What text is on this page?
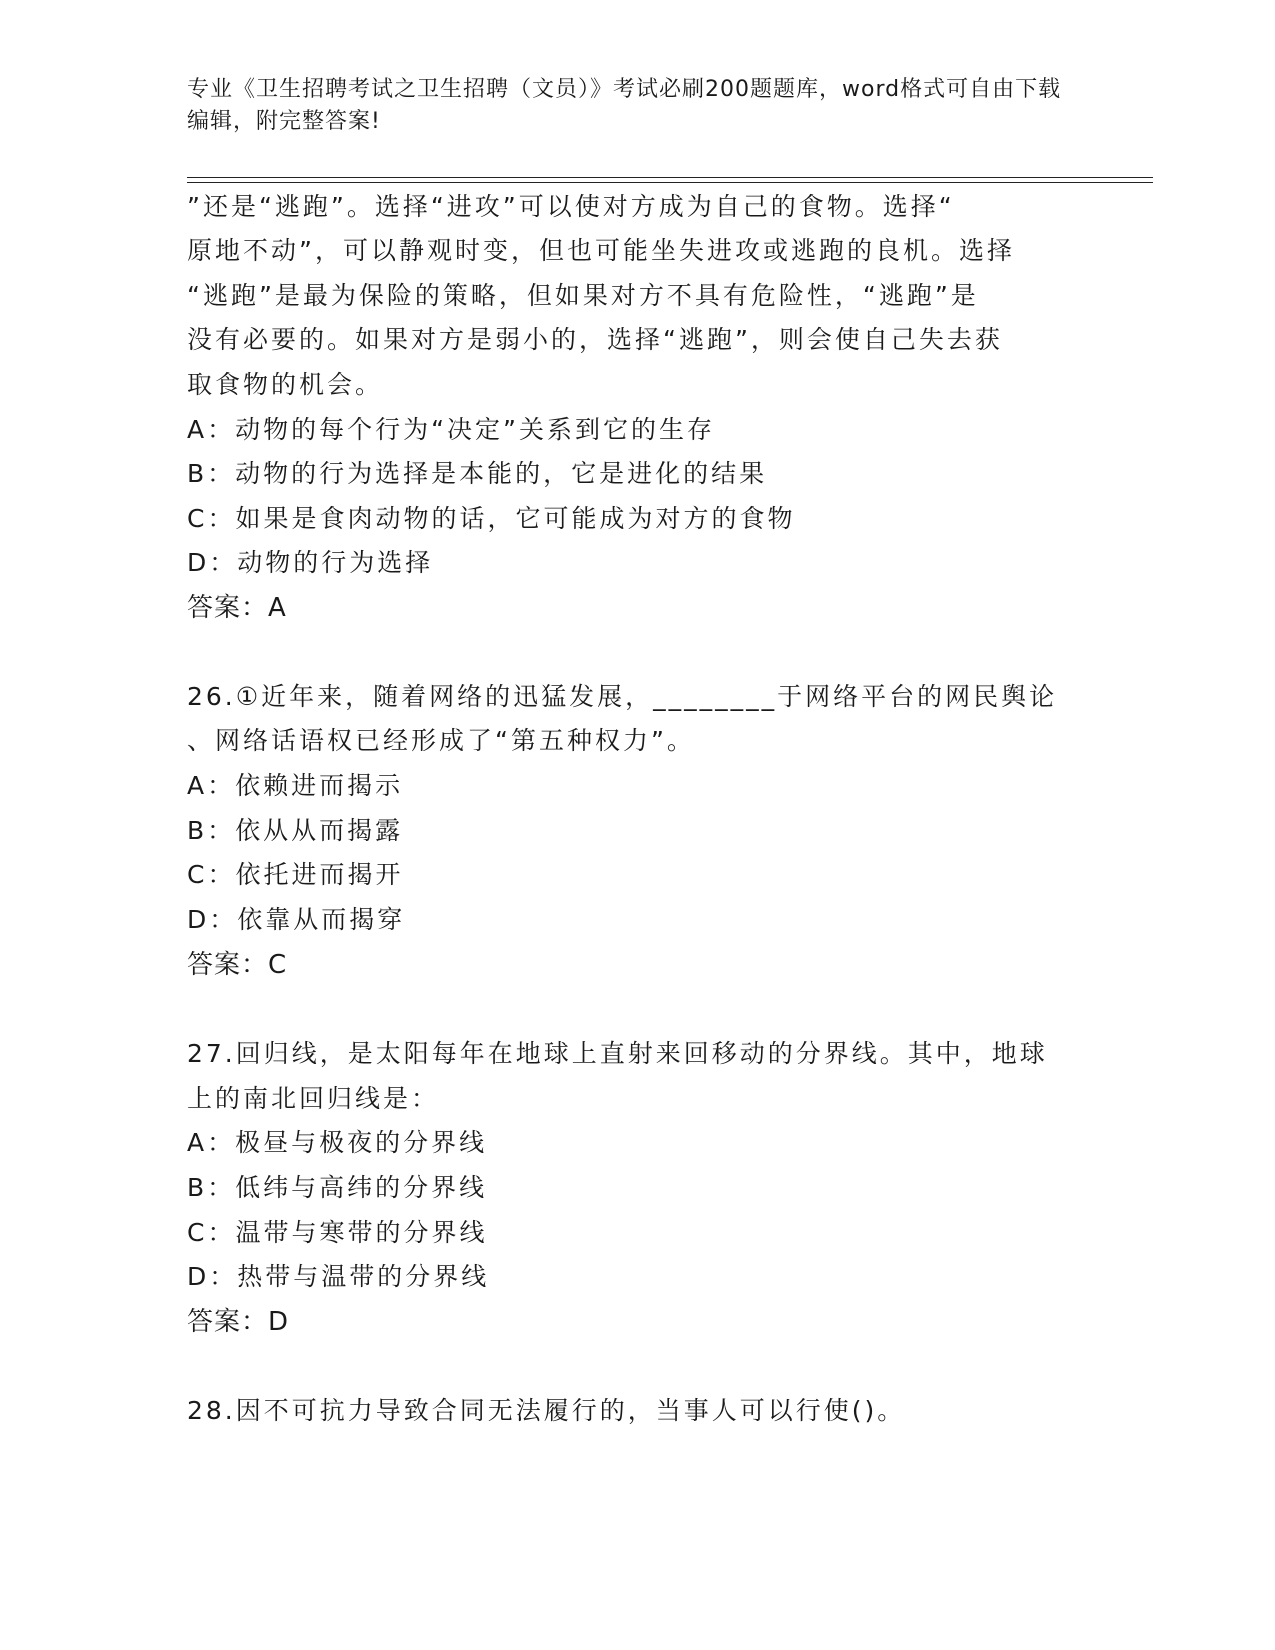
专业《卫生招聘考试之卫生招聘（文员）》考试必刷200题题库，word格式可自由下载编辑，附完整答案!
”还是“逃跑”。选择“进攻”可以使对方成为自己的食物。选择“
原地不动”，可以静观时变，但也可能坐失进攻或逃跑的良机。选择
“逃跑”是最为保险的策略，但如果对方不具有危险性，“逃跑”是
没有必要的。如果对方是弱小的，选择“逃跑”，则会使自己失去获
取食物的机会。
A：动物的每个行为“决定”关系到它的生存
B：动物的行为选择是本能的，它是进化的结果
C：如果是食肉动物的话，它可能成为对方的食物
D：动物的行为选择
答案：A
26.①近年来，随着网络的迅猛发展，________于网络平台的网民舆论
、网络话语权已经形成了“第五种权力”。
A：依赖进而揭示
B：依从从而揭露
C：依托进而揭开
D：依靠从而揭穿
答案：C
27.回归线，是太阳每年在地球上直射来回移动的分界线。其中，地球
上的南北回归线是：
A：极昼与极夜的分界线
B：低纬与高纬的分界线
C：温带与寒带的分界线
D：热带与温带的分界线
答案：D
28.因不可抗力导致合同无法履行的，当事人可以行使()。
